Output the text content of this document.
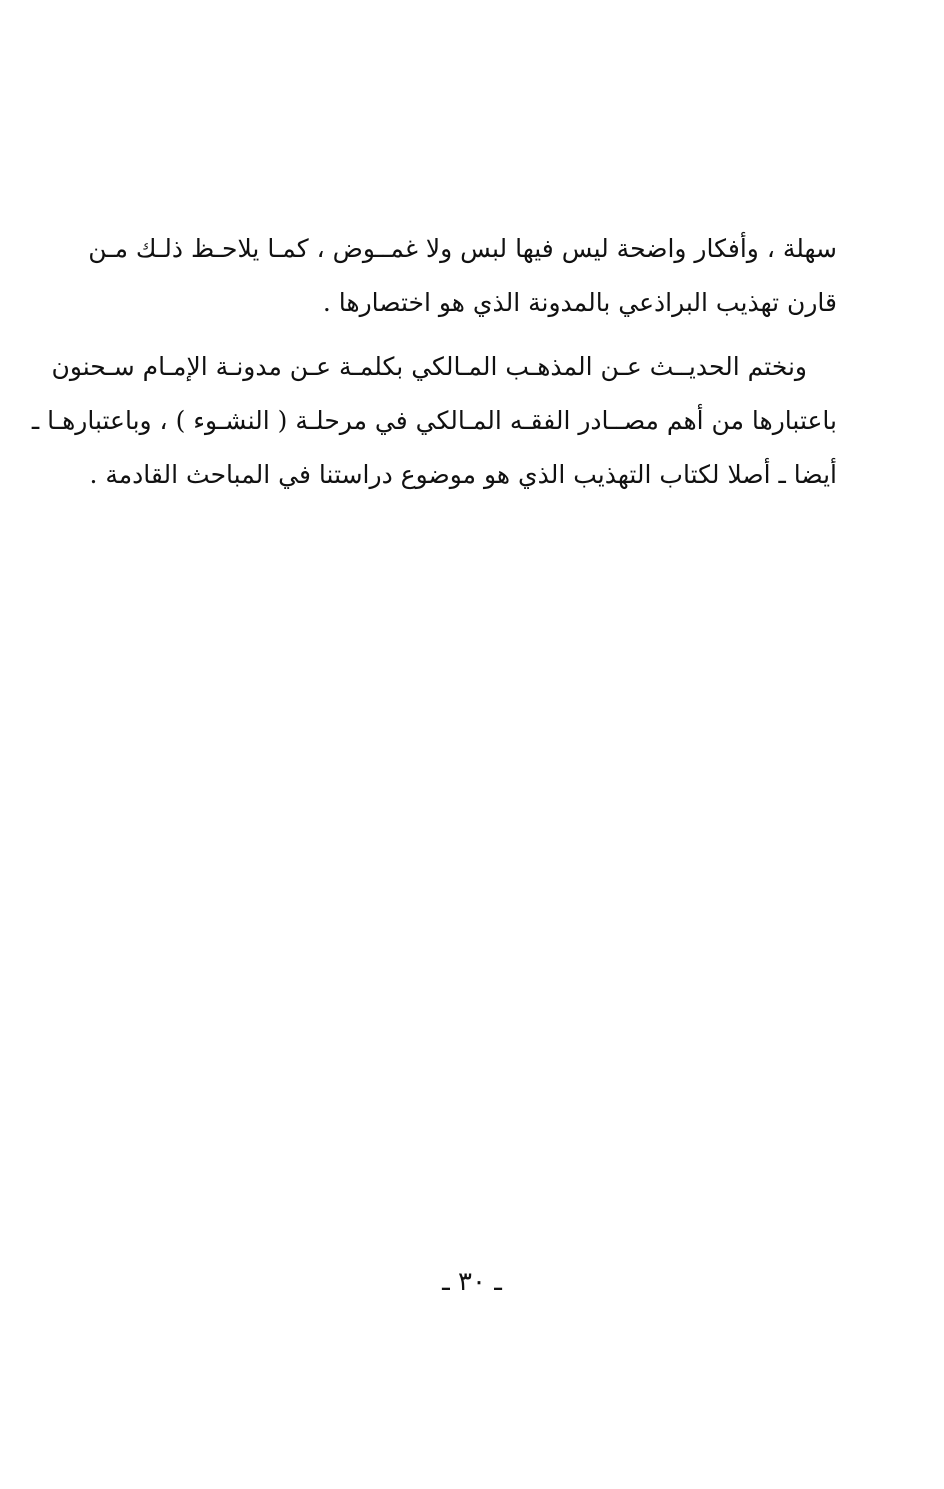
سهلة ، وأفكار واضحة ليس فيها لبس ولا غمــوض ، كمـا يلاحـظ ذلـك مـن
قارن تهذيب البراذعي بالمدونة الذي هو اختصارها .
ونختم الحديــث عـن المذهـب المـالكي بكلمـة عـن مدونـة الإمـام سـحنون
باعتبارها من أهم مصــادر الفقـه المـالكي في مرحلـة ( النشـوء ) ، وباعتبارهـا ـ
أيضا ـ أصلا لكتاب التهذيب الذي هو موضوع دراستنا في المباحث القادمة .
ـ ٣٠ ـ
